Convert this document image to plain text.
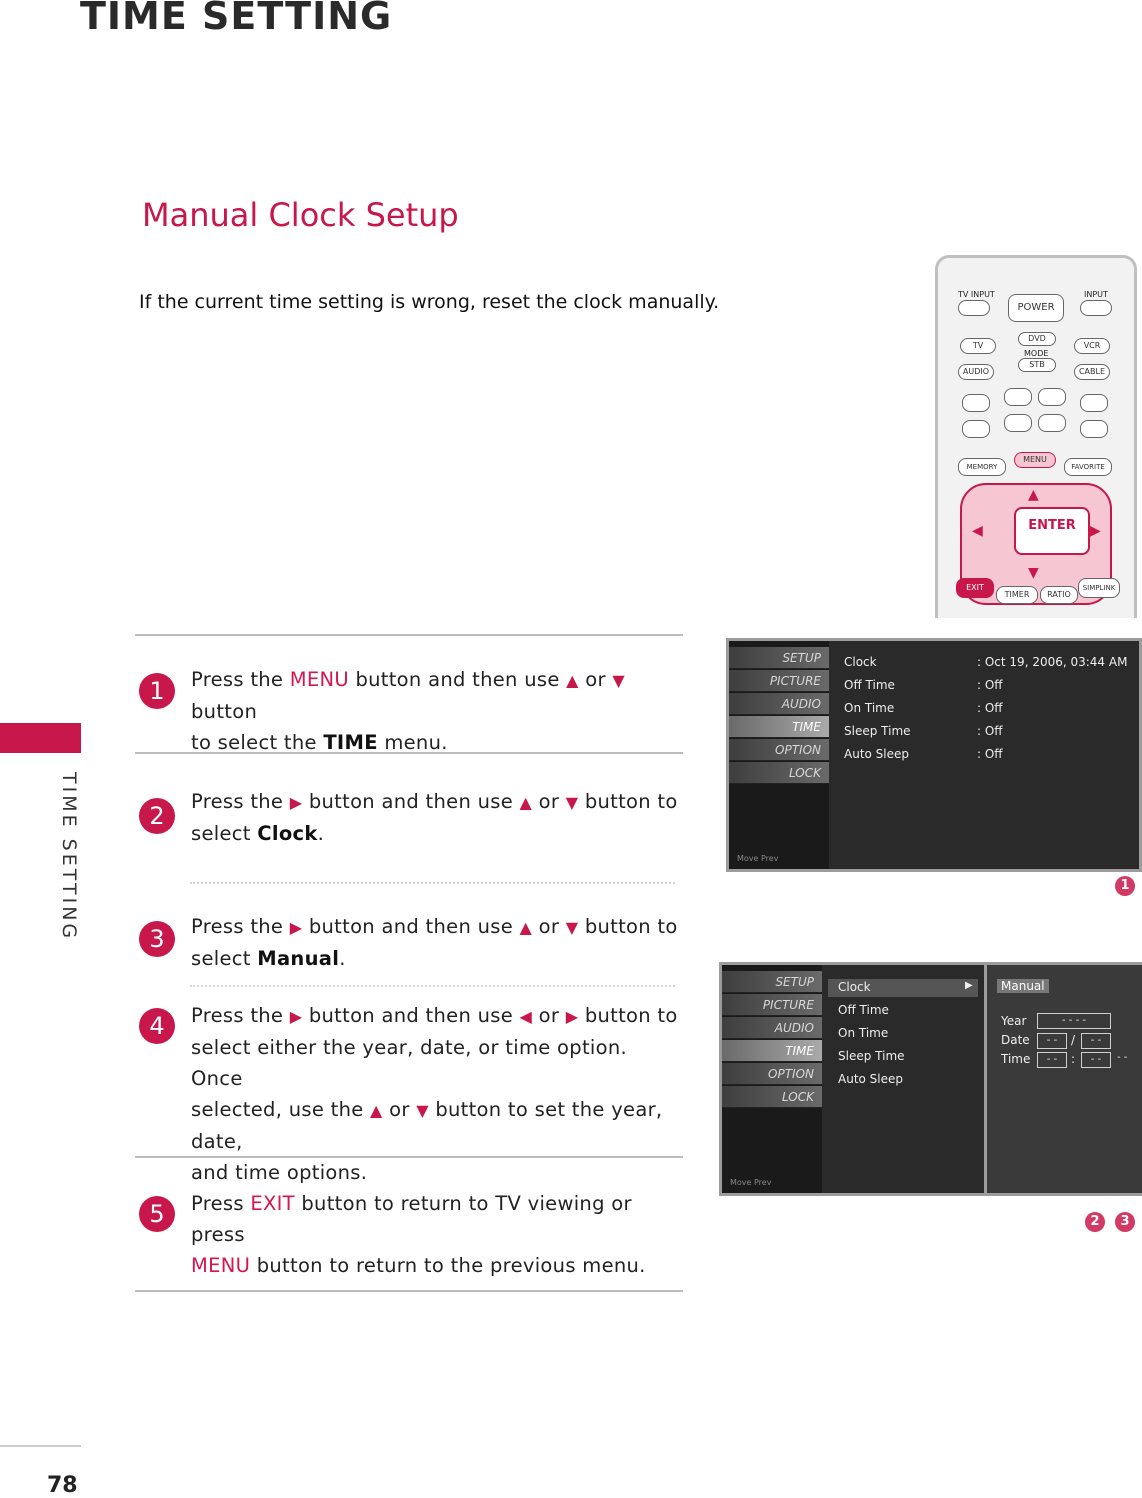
TIME SETTING
Manual Clock Setup
If the current time setting is wrong, reset the clock manually.
TIME SETTING
1	Press the MENU button and then use ▲ or ▼ button
to select the TIME menu.
2
Press the ▶ button and then use ▲ or ▼ button to
select Clock.
3	Press the ▶ button and then use ▲ or ▼ button to
select Manual.
4	Press the ▶ button and then use ◀ or ▶ button to
select either the year, date, or time option. Once
selected, use the ▲ or ▼ button to set the year, date,
and time options.
5	Press EXIT button to return to TV viewing or press
MENU button to return to the previous menu.
78
TV INPUT
POWER
INPUT
TV
DVD
MODE
VCR
AUDIO
STB
CABLE
MEMORY
MENU
FAVORITE
▲
▼
◀	▶
ENTER
EXIT
TIMER	RATIO
SIMPLINK
SETUP
PICTURE
AUDIO
TIME
OPTION
LOCK
Move Prev
Clock	: Oct 19, 2006, 03:44 AM
Off Time	: Off
On Time	: Off
Sleep Time	: Off
Auto Sleep	: Off
1
SETUP
PICTURE
AUDIO
TIME
OPTION
LOCK
Move Prev
Clock	▶
Off Time
On Time
Sleep Time
Auto Sleep
Manual
Year	- - - -
Date	- -	/	- -
Time	- -	:	- -	- -
2	3
